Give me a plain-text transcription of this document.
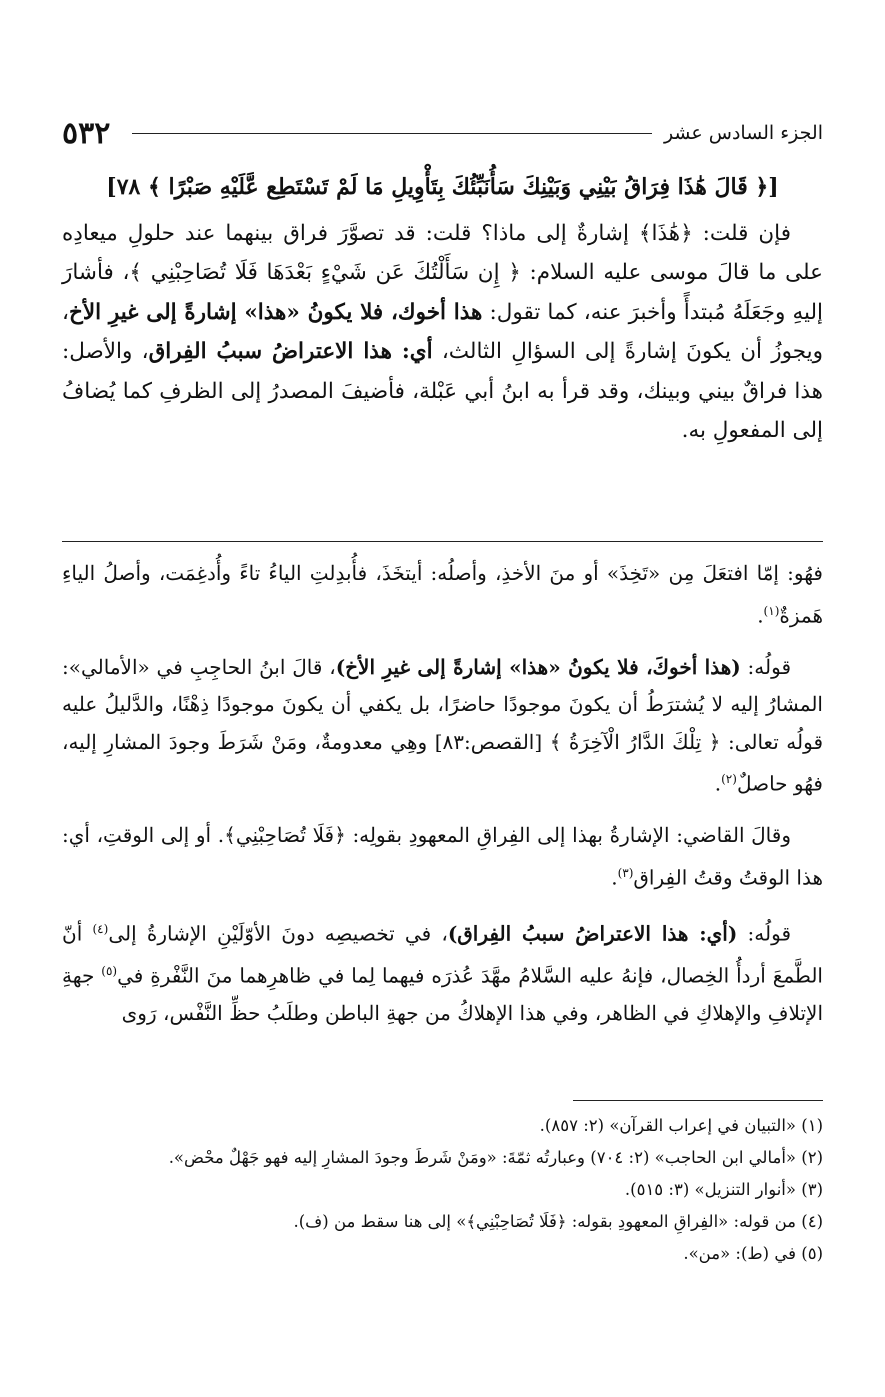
٥٣٢	الجزء السادس عشر
[﴿ قَالَ هَٰذَا فِرَاقُ بَيْنِي وَبَيْنِكَ سَأُنَبِّئُكَ بِتَأْوِيلِ مَا لَمْ تَسْتَطِع عَّلَيْهِ صَبْرًا ﴾ ٧٨]

فإن قلت: ﴿هَٰذَا﴾ إشارةٌ إلى ماذا؟ قلت: قد تصوَّرَ فراق بينهما عند حلولِ ميعادِه على ما قالَ موسى عليه السلام: ﴿ إِن سَأَلْتُكَ عَن شَيْءٍ بَعْدَهَا فَلَا تُصَاحِبْنِي ﴾، فأشارَ إليهِ وجَعَلَهُ مُبتدأً وأخبرَ عنه، كما تقول: هذا أخوك، فلا يكونُ «هذا» إشارةً إلى غيرِ الأخ، ويجوزُ أن يكونَ إشارةً إلى السؤالِ الثالث، أي: هذا الاعتراضُ سببُ الفِراق، والأصل: هذا فراقٌ بيني وبينك، وقد قرأ به ابنُ أبي عَبْلة، فأضيفَ المصدرُ إلى الظرفِ كما يُضافُ إلى المفعولِ به.

فهُو: إمّا افتعَلَ مِن «تَخِذَ» أو منَ الأخذِ، وأصلُه: أيتخَذَ، فأُبدِلتِ الياءُ تاءً وأُدغِمَت، وأصلُ الياءِ هَمزةٌ$^{(١)}$.

قولُه: (هذا أخوكَ، فلا يكونُ «هذا» إشارةً إلى غيرِ الأخ)، قالَ ابنُ الحاجِبِ في «الأمالي»: المشارُ إليه لا يُشترَطُ أن يكونَ موجودًا حاضرًا، بل يكفي أن يكونَ موجودًا ذِهْنًا، والدَّليلُ عليه قولُه تعالى: ﴿ تِلْكَ الدَّارُ الْآخِرَةُ ﴾ [القصص:٨٣] وهِي معدومةٌ، ومَنْ شَرَطَ وجودَ المشارِ إليه، فهُو حاصلٌ$^{(٢)}$.

وقالَ القاضي: الإشارةُ بهذا إلى الفِراقِ المعهودِ بقولِه: ﴿فَلَا تُصَاحِبْنِي﴾. أو إلى الوقتِ، أي: هذا الوقتُ وقتُ الفِراق$^{(٣)}$.

قولُه: (أي: هذا الاعتراضُ سببُ الفِراق)، في تخصيصِه دونَ الأوّلَيْنِ الإشارةُ إلى$^{(٤)}$ أنّ الطَّمعَ أردأُ الخِصال، فإنهُ عليه السَّلامُ مهَّدَ عُذرَه فيهما لِما في ظاهرِهما منَ النَّفْرةِ في$^{(٥)}$ جهةِ الإتلافِ والإهلاكِ في الظاهر، وفي هذا الإهلاكُ من جهةِ الباطن وطلَبُ حظِّ النَّفْس، رَوى

(١) «التبيان في إعراب القرآن» (٢: ٨٥٧).

(٢) «أمالي ابن الحاجب» (٢: ٧٠٤) وعبارتُه ثمّةَ: «ومَنْ شَرطَ وجودَ المشارِ إليه فهو جَهْلٌ محْض».

(٣) «أنوار التنزيل» (٣: ٥١٥).

(٤) من قوله: «الفِراقِ المعهودِ بقوله: ﴿فَلَا تُصَاحِبْنِي﴾» إلى هنا سقط من (ف).

(٥) في (ط): «من».
